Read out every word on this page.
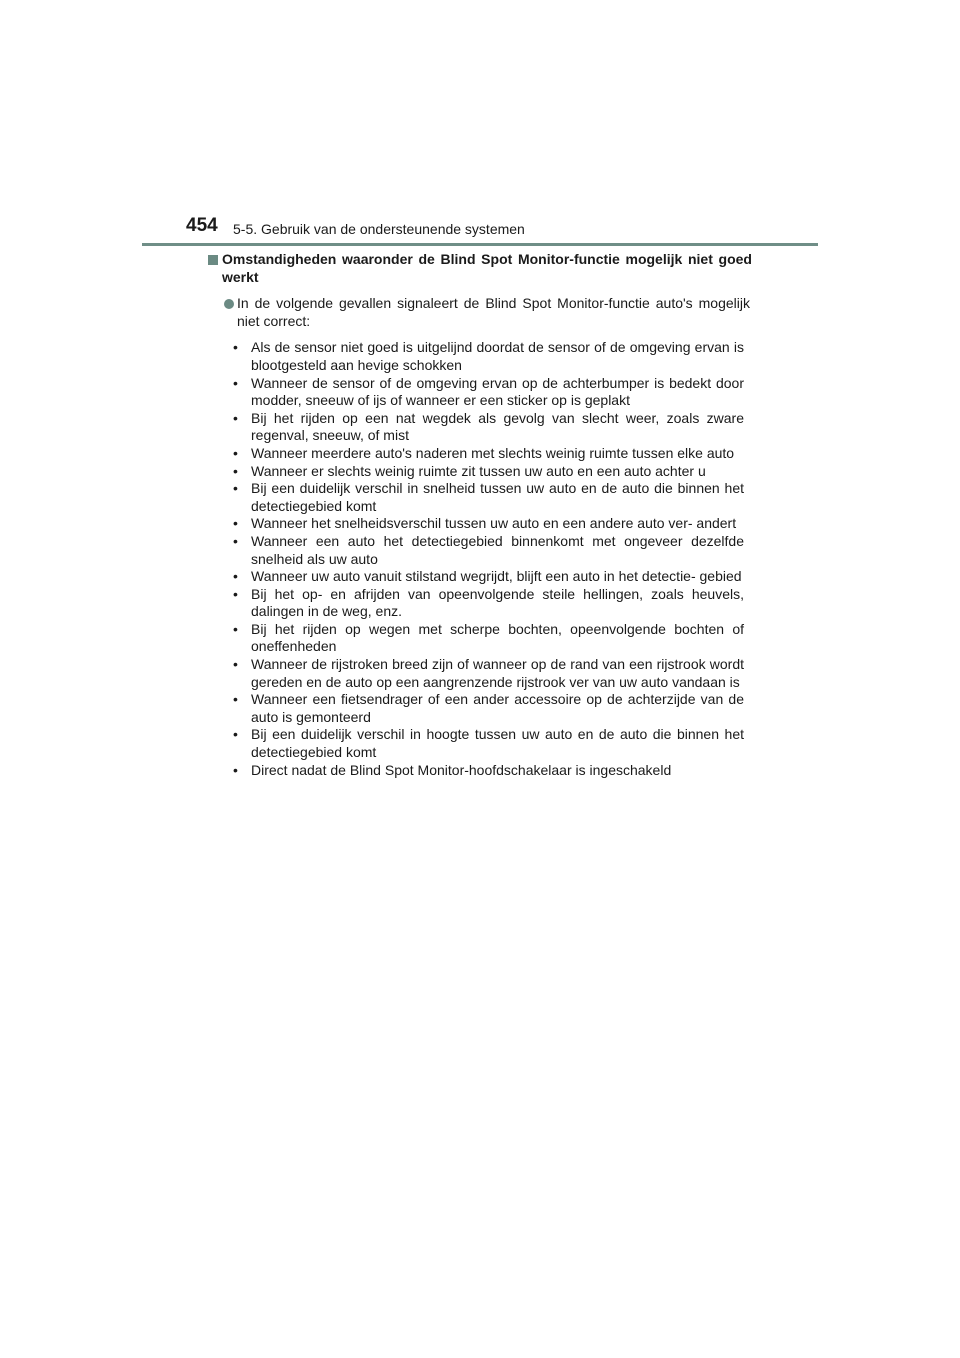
454 5-5. Gebruik van de ondersteunende systemen
Omstandigheden waaronder de Blind Spot Monitor-functie mogelijk niet goed werkt
In de volgende gevallen signaleert de Blind Spot Monitor-functie auto's mogelijk niet correct:
• Als de sensor niet goed is uitgelijnd doordat de sensor of de omgeving ervan is blootgesteld aan hevige schokken
• Wanneer de sensor of de omgeving ervan op de achterbumper is bedekt door modder, sneeuw of ijs of wanneer er een sticker op is geplakt
• Bij het rijden op een nat wegdek als gevolg van slecht weer, zoals zware regenval, sneeuw, of mist
• Wanneer meerdere auto's naderen met slechts weinig ruimte tussen elke auto
• Wanneer er slechts weinig ruimte zit tussen uw auto en een auto achter u
• Bij een duidelijk verschil in snelheid tussen uw auto en de auto die binnen het detectiegebied komt
• Wanneer het snelheidsverschil tussen uw auto en een andere auto ver- andert
• Wanneer een auto het detectiegebied binnenkomt met ongeveer dezelfde snelheid als uw auto
• Wanneer uw auto vanuit stilstand wegrijdt, blijft een auto in het detectie- gebied
• Bij het op- en afrijden van opeenvolgende steile hellingen, zoals heuvels, dalingen in de weg, enz.
• Bij het rijden op wegen met scherpe bochten, opeenvolgende bochten of oneffenheden
• Wanneer de rijstroken breed zijn of wanneer op de rand van een rijstrook wordt gereden en de auto op een aangrenzende rijstrook ver van uw auto vandaan is
• Wanneer een fietsendrager of een ander accessoire op de achterzijde van de auto is gemonteerd
• Bij een duidelijk verschil in hoogte tussen uw auto en de auto die binnen het detectiegebied komt
• Direct nadat de Blind Spot Monitor-hoofdschakelaar is ingeschakeld
